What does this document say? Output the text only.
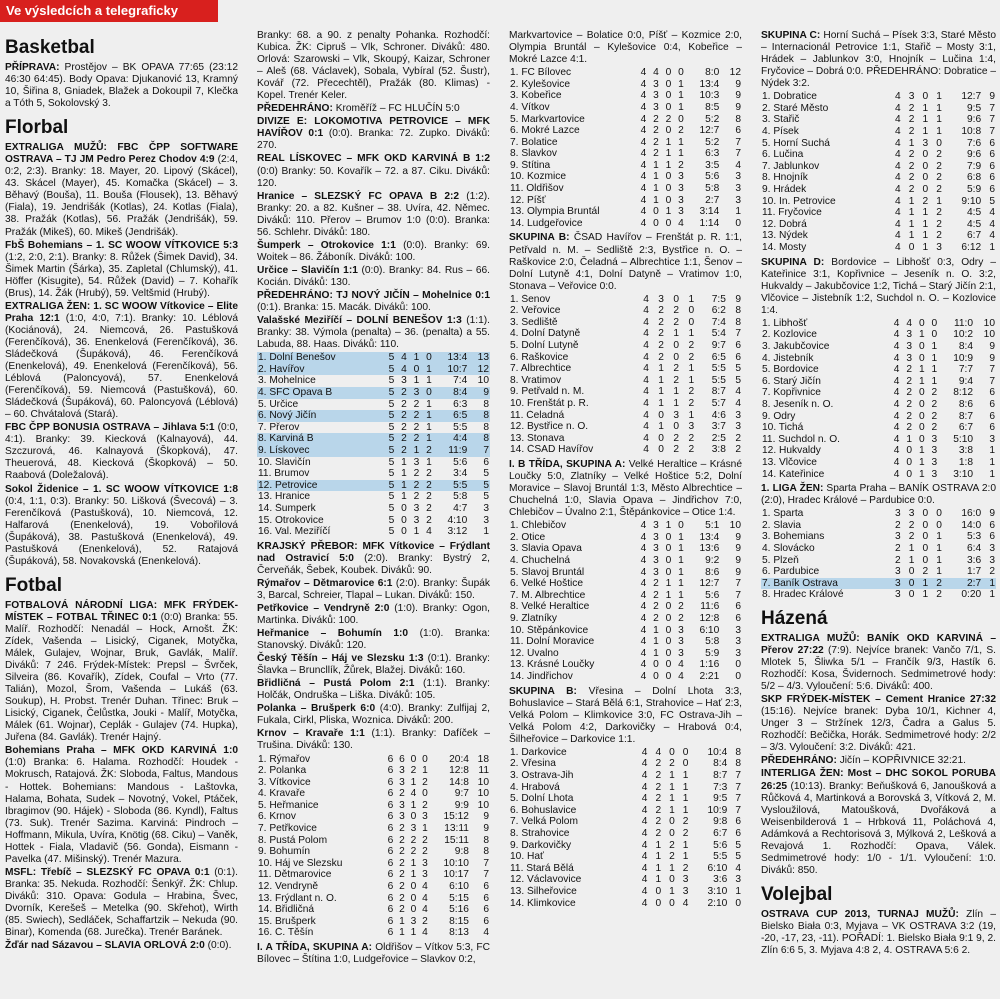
Ve výsledcích a telegraficky
Basketbal

PŘÍPRAVA: Prostějov – BK OPAVA 77:65 (23:12 46:30 64:45). Body Opava: Djukanović 13, Kramný 10, Šiřina 8, Gniadek, Blažek a Dokoupil 7, Klečka a Tóth 5, Sokolovský 3.

Florbal

EXTRALIGA MUŽŮ: FBC ČPP SOFTWARE OSTRAVA – TJ JM Pedro Perez Chodov 4:9 (2:4, 0:2, 2:3). Branky: 18. Mayer, 20. Lipový (Skácel), 43. Skácel (Mayer), 45. Komačka (Skácel) – 3. Běhavý (Bouša), 11. Bouša (Flousek), 13. Běhavý (Fiala), 19. Jendrišák (Kotlas), 24. Kotlas (Fiala), 38. Pražák (Kotlas), 56. Pražák (Jendrišák), 59. Pražák (Mikeš), 60. Mikeš (Jendrišák).

FbŠ Bohemians – 1. SC WOOW VÍTKOVICE 5:3 (1:2, 2:0, 2:1). Branky: 8. Růžek (Šimek David), 34. Šimek Martin (Šárka), 35. Zapletal (Chlumský), 41. Höffer (Kisugite), 54. Růžek (David) – 7. Kohařík (Brus), 14. Žák (Hrubý), 59. Veltšmid (Hrubý).

EXTRALIGA ŽEN: 1. SC WOOW Vítkovice – Elite Praha 12:1 (1:0, 4:0, 7:1). Branky: 10. Léblová (Kociánová), 24. Niemcová, 26. Pastušková (Ferenčíková), 36. Enenkelová (Ferenčíková), 36. Sládečková (Šupáková), 46. Ferenčíková (Enenkelová), 49. Enenkelová (Ferenčíková), 56. Léblová (Paloncyová), 57. Enenkelová (Ferenčíková), 59. Niemcová (Pastušková), 60. Sládečková (Šupáková), 60. Paloncyová (Léblová) – 60. Chvátalová (Stará).

FBC ČPP BONUSIA OSTRAVA – Jihlava 5:1 (0:0, 4:1). Branky: 39. Kiecková (Kalnayová), 44. Szczurová, 46. Kalnayová (Škopková), 47. Theuerová, 48. Kiecková (Škopková) – 50. Raabová (Doležalová).

Sokol Židenice – 1. SC WOOW VÍTKOVICE 1:8 (0:4, 1:1, 0:3). Branky: 50. Lišková (Švecová) – 3. Ferenčíková (Pastušková), 10. Niemcová, 12. Halfarová (Enenkelová), 19. Vobořilová (Šupáková), 38. Pastušková (Enenkelová), 49. Pastušková (Enenkelová), 52. Ratajová (Šupáková), 58. Novakovská (Enenkelová).

Fotbal

FOTBALOVÁ NÁRODNÍ LIGA: MFK FRÝDEK-MÍSTEK – FOTBAL TŘINEC 0:1 (0:0) Branka: 55. Malíř. Rozhodčí: Nenadál – Hock, Arnošt. ŽK: Zídek, Vašenda – Lisický, Ciganek, Motyčka, Málek, Gulajev, Wojnar, Bruk, Gavlák, Malíř. Diváků: 7 246. Frýdek-Místek: Prepsl – Švrček, Silveira (86. Kovařík), Zídek, Coufal – Vrto (77. Talián), Mozol, Šrom, Vašenda – Lukáš (63. Soukup), H. Probst. Trenér Duhan. Třinec: Bruk – Lisický, Ciganek, Čelůstka, Jouki - Malíř, Motyčka, Málek (61. Wojnar), Ceplák - Gulajev (74. Hupka), Juřena (84. Gavlák). Trenér Hajný.

Bohemians Praha – MFK OKD KARVINÁ 1:0 (1:0) Branka: 6. Halama. Rozhodčí: Houdek - Mokrusch, Ratajová. ŽK: Sloboda, Faltus, Mandous - Hottek. Bohemians: Mandous - Laštovka, Halama, Bohata, Sudek – Novotný, Vokel, Ptáček, Ibragimov (90. Hájek) - Sloboda (86. Kyndl), Faltus (73. Suk). Trenér Sazima. Karviná: Pindroch – Hoffmann, Mikula, Uvíra, Knötig (68. Ciku) – Vaněk, Hottek - Fiala, Vladavič (56. Gonda), Eismann - Pavelka (47. Mišinský). Trenér Mazura.

MSFL: Třebíč – SLEZSKÝ FC OPAVA 0:1 (0:1). Branka: 35. Nekuda. Rozhodčí: Šenkýř. ŽK: Chlup. Diváků: 310. Opava: Godula – Hrabina, Švec, Dvorník, Kerešeš – Metelka (90. Skřehot), Wirth (85. Swiech), Sedláček, Schaffartzik – Nekuda (90. Binar), Komenda (68. Jurečka). Trenér Baránek.

Žďár nad Sázavou – SLAVIA ORLOVÁ 2:0 (0:0).

Branky: 68. a 90. z penalty Pohanka. Rozhodčí: Kubica. ŽK: Cipruš – Vlk, Schroner. Diváků: 480. Orlová: Szarowski – Vlk, Skoupý, Kaizar, Schroner – Aleš (68. Václavek), Sobala, Vybíral (52. Šustr), Kovář (72. Přecechtěl), Pražák (80. Klimas) - Kopel. Trenér Keler.

PŘEDEHRÁNO: Kroměříž – FC HLUČÍN 5:0

DIVIZE E: LOKOMOTIVA PETROVICE – MFK HAVÍŘOV 0:1 (0:0). Branka: 72. Zupko. Diváků: 270.

REAL LÍSKOVEC – MFK OKD KARVINÁ B 1:2 (0:0) Branky: 50. Kovařík – 72. a 87. Ciku. Diváků: 120.

Hranice – SLEZSKÝ FC OPAVA B 2:2 (1:2). Branky: 20. a 82. Kušner – 38. Uvíra, 42. Němec. Diváků: 110. Přerov – Brumov 1:0 (0:0). Branka: 56. Schlehr. Diváků: 180.

Šumperk – Otrokovice 1:1 (0:0). Branky: 69. Woitek – 86. Žáboník. Diváků: 100.

Určice – Slavičín 1:1 (0:0). Branky: 84. Rus – 66. Kocián. Diváků: 130.

PŘEDEHRÁNO: TJ NOVÝ JIČÍN – Mohelnice 0:1 (0:1). Branka: 15. Macák. Diváků: 100.

Valašské Meziříčí – DOLNÍ BENEŠOV 1:3 (1:1). Branky: 38. Výmola (penalta) – 36. (penalta) a 55. Labuda, 88. Haas. Diváků: 110.

1. Dolní Benešov	5	4	1	0	13:4	13
2. Havířov	5	4	0	1	10:7	12
3. Mohelnice	5	3	1	1	7:4	10
4. SFC Opava B	5	2	3	0	8:4	9
5. Určice	5	2	2	1	6:3	8
6. Nový Jičín	5	2	2	1	6:5	8
7. Přerov	5	2	2	1	5:5	8
8. Karviná B	5	2	2	1	4:4	8
9. Lískovec	5	2	1	2	11:9	7
10. Slavičín	5	1	3	1	5:6	6
11. Brumov	5	1	2	2	3:4	5
12. Petrovice	5	1	2	2	5:5	5
13. Hranice	5	1	2	2	5:8	5
14. Šumperk	5	0	3	2	4:7	3
15. Otrokovice	5	0	3	2	4:10	3
16. Val. Meziříčí	5	0	1	4	3:12	1

KRAJSKÝ PŘEBOR: MFK Vítkovice – Frýdlant nad Ostravicí 5:0 (2:0). Branky: Bystrý 2, Červeňák, Šebek, Koubek. Diváků: 90.

Rýmařov – Dětmarovice 6:1 (2:0). Branky: Šupák 3, Barcal, Schreier, Tlapal – Lukan. Diváků: 150.

Petřkovice – Vendryně 2:0 (1:0). Branky: Ogon, Martinka. Diváků: 100.

Heřmanice – Bohumín 1:0 (1:0). Branka: Stanovský. Diváků: 120.

Český Těšín – Háj ve Slezsku 1:3 (0:1). Branky: Šlavka – Bruncllík, Žůrek, Blažej. Diváků: 160.

Břidličná – Pustá Polom 2:1 (1:1). Branky: Holčák, Ondruška – Liška. Diváků: 105.

Polanka – Brušperk 6:0 (4:0). Branky: Zulfijaj 2, Fukala, Cirkl, Pliska, Woznica. Diváků: 200.

Krnov – Kravaře 1:1 (1:1). Branky: Dafíček – Trušina. Diváků: 130.

1. Rýmařov	6	6	0	0	20:4	18
2. Polanka	6	3	2	1	12:8	11
3. Vítkovice	6	3	1	2	14:8	10
4. Kravaře	6	2	4	0	9:7	10
5. Heřmanice	6	3	1	2	9:9	10
6. Krnov	6	3	0	3	15:12	9
7. Petřkovice	6	2	3	1	13:11	9
8. Pustá Polom	6	2	2	2	15:11	8
9. Bohumín	6	2	2	2	9:8	8
10. Háj ve Slezsku	6	2	1	3	10:10	7
11. Dětmarovice	6	2	1	3	10:17	7
12. Vendryně	6	2	0	4	6:10	6
13. Frýdlant n. O.	6	2	0	4	5:15	6
14. Břidličná	6	2	0	4	5:16	6
15. Brušperk	6	1	3	2	8:15	6
16. Č. Těšín	6	1	1	4	8:13	4

I. A TŘÍDA, SKUPINA A: Oldřišov – Vítkov 5:3, FC Bílovec – Štítina 1:0, Ludgeřovice – Slavkov 0:2,

Markvartovice – Bolatice 0:0, Píšť – Kozmice 2:0, Olympia Bruntál – Kylešovice 0:4, Kobeřice – Mokré Lazce 4:1.

1. FC Bílovec	4	4	0	0	8:0	12
2. Kylešovice	4	3	0	1	13:4	9
3. Kobeřice	4	3	0	1	10:3	9
4. Vítkov	4	3	0	1	8:5	9
5. Markvartovice	4	2	2	0	5:2	8
6. Mokré Lazce	4	2	0	2	12:7	6
7. Bolatice	4	2	1	1	5:2	7
8. Slavkov	4	2	1	1	6:3	7
9. Štítina	4	1	1	2	3:5	4
10. Kozmice	4	1	0	3	5:6	3
11. Oldřišov	4	1	0	3	5:8	3
12. Píšť	4	1	0	3	2:7	3
13. Olympia Bruntál	4	0	1	3	3:14	1
14. Ludgeřovice	4	0	0	4	1:14	0

SKUPINA B: ČSAD Havířov – Frenštát p. R. 1:1, Petřvald n. M. – Sedliště 2:3, Bystřice n. O. – Raškovice 2:0, Čeladná – Albrechtice 1:1, Šenov – Dolní Lutyně 4:1, Dolní Datyně – Vratimov 1:0, Stonava – Veřovice 0:0.

1. Šenov	4	3	0	1	7:5	9
2. Veřovice	4	2	2	0	6:2	8
3. Sedliště	4	2	2	0	7:4	8
4. Dolní Datyně	4	2	1	1	5:4	7
5. Dolní Lutyně	4	2	0	2	9:7	6
6. Raškovice	4	2	0	2	6:5	6
7. Albrechtice	4	1	2	1	5:5	5
8. Vratimov	4	1	2	1	5:5	5
9. Petřvald n. M.	4	1	1	2	8:7	4
10. Frenštát p. R.	4	1	1	2	5:7	4
11. Čeladná	4	0	3	1	4:6	3
12. Bystřice n. O.	4	1	0	3	3:7	3
13. Stonava	4	0	2	2	2:5	2
14. ČSAD Havířov	4	0	2	2	3:8	2

I. B TŘÍDA, SKUPINA A: Velké Heraltice – Krásné Loučky 5:0, Zlatníky – Velké Hoštice 5:2, Dolní Moravice – Slavoj Bruntál 1:3, Město Albrechtice – Chuchelná 1:0, Slavia Opava – Jindřichov 7:0, Chlebičov – Úvalno 2:1, Štěpánkovice – Otice 1:4.

1. Chlebičov	4	3	1	0	5:1	10
2. Otice	4	3	0	1	13:4	9
3. Slavia Opava	4	3	0	1	13:6	9
4. Chuchelná	4	3	0	1	9:2	9
5. Slavoj Bruntál	4	3	0	1	8:6	9
6. Velké Hoštice	4	2	1	1	12:7	7
7. M. Albrechtice	4	2	1	1	5:6	7
8. Velké Heraltice	4	2	0	2	11:6	6
9. Zlatníky	4	2	0	2	12:8	6
10. Štěpánkovice	4	1	0	3	6:10	3
11. Dolní Moravice	4	1	0	3	5:8	3
12. Úvalno	4	1	0	3	5:9	3
13. Krásné Loučky	4	0	0	4	1:16	0
14. Jindřichov	4	0	0	4	2:21	0

SKUPINA B: Vřesina – Dolní Lhota 3:3, Bohuslavice – Stará Bělá 6:1, Strahovice – Hať 2:3, Velká Polom – Klimkovice 3:0, FC Ostrava-Jih – Velká Polom 4:2, Darkovičky – Hrabová 0:4, Šilheřovice – Darkovice 1:1.

1. Darkovice	4	4	0	0	10:4	8
2. Vřesina	4	2	2	0	8:4	8
3. Ostrava-Jih	4	2	1	1	8:7	7
4. Hrabová	4	2	1	1	7:3	7
5. Dolní Lhota	4	2	1	1	9:5	7
6. Bohuslavice	4	2	1	1	10:9	7
7. Velká Polom	4	2	0	2	9:8	6
8. Strahovice	4	2	0	2	6:7	6
9. Darkovičky	4	1	2	1	5:6	5
10. Hať	4	1	2	1	5:5	5
11. Stará Bělá	4	1	1	2	6:10	4
12. Václavovice	4	1	0	3	3:6	3
13. Šilheřovice	4	0	1	3	3:10	1
14. Klimkovice	4	0	0	4	2:10	0

SKUPINA C: Horní Suchá – Písek 3:3, Staré Město – Internacionál Petrovice 1:1, Stařič – Mosty 3:1, Hrádek – Jablunkov 3:0, Hnojník – Lučina 1:4, Fryčovice – Dobrá 0:0. PŘEDEHRÁNO: Dobratice – Nýdek 3:2.

1. Dobratice	4	3	0	1	12:7	9
2. Staré Město	4	2	1	1	9:5	7
3. Stařič	4	2	1	1	9:6	7
4. Písek	4	2	1	1	10:8	7
5. Horní Suchá	4	1	3	0	7:6	6
6. Lučina	4	2	0	2	9:6	6
7. Jablunkov	4	2	0	2	7:9	6
8. Hnojník	4	2	0	2	6:8	6
9. Hrádek	4	2	0	2	5:9	6
10. In. Petrovice	4	1	2	1	9:10	5
11. Fryčovice	4	1	1	2	4:5	4
12. Dobrá	4	1	1	2	4:5	4
13. Nýdek	4	1	1	2	6:7	4
14. Mosty	4	0	1	3	6:12	1

SKUPINA D: Bordovice – Libhošť 0:3, Odry – Kateřinice 3:1, Kopřivnice – Jeseník n. O. 3:2, Hukvaldy – Jakubčovice 1:2, Tichá – Starý Jičín 2:1, Vlčovice – Jistebník 1:2, Suchdol n. O. – Kozlovice 1:4.

1. Libhošť	4	4	0	0	11:0	10
2. Kozlovice	4	3	1	0	10:2	10
3. Jakubčovice	4	3	0	1	8:4	9
4. Jistebník	4	3	0	1	10:9	9
5. Bordovice	4	2	1	1	7:7	7
6. Starý Jičín	4	2	1	1	9:4	7
7. Kopřivnice	4	2	0	2	8:12	6
8. Jeseník n. O.	4	2	0	2	8:6	6
9. Odry	4	2	0	2	8:7	6
10. Tichá	4	2	0	2	6:7	6
11. Suchdol n. O.	4	1	0	3	5:10	3
12. Hukvaldy	4	0	1	3	3:8	1
13. Vlčovice	4	0	1	3	1:8	1
14. Kateřinice	4	0	1	3	3:10	1

1. LIGA ŽEN: Sparta Praha – BANÍK OSTRAVA 2:0 (2:0), Hradec Králové – Pardubice 0:0.

1. Sparta	3	3	0	0	16:0	9
2. Slavia	2	2	0	0	14:0	6
3. Bohemians	3	2	0	1	5:3	6
4. Slovácko	2	1	0	1	6:4	3
5. Plzeň	2	1	0	1	3:6	3
6. Pardubice	3	0	2	1	1:7	2
7. Baník Ostrava	3	0	1	2	2:7	1
8. Hradec Králové	3	0	1	2	0:20	1
Házená

EXTRALIGA MUŽŮ: BANÍK OKD KARVINÁ – Přerov 27:22 (7:9). Nejvíce branek: Vančo 7/1, S. Mlotek 5, Šliwka 5/1 – Frančík 9/3, Hastík 6. Rozhodčí: Kosa, Švidernoch. Sedmimetrové hody: 5/2 – 4/3. Vyloučení: 5:6. Diváků: 400.

SKP FRÝDEK-MÍSTEK – Cement Hranice 27:32 (15:16). Nejvíce branek: Dyba 10/1, Kichner 4, Unger 3 – Stržínek 12/3, Čadra a Galus 5. Rozhodčí: Bečička, Horák. Sedmimetrové hody: 2/2 – 3/3. Vyloučení: 3:2. Diváků: 421.

PŘEDEHRÁNO: Jičín – KOPŘIVNICE 32:21.

INTERLIGA ŽEN: Most – DHC SOKOL PORUBA 26:25 (10:13). Branky: Beňušková 6, Janoušková a Růčková 4, Martinková a Borovská 3, Vítková 2, M. Vysloužilová, Matoušková, Dvořáková a Weisenbilderová 1 – Hrbková 11, Poláchová 4, Adámková a Rechtorisová 3, Mýlková 2, Lešková a Revajová 1. Rozhodčí: Opava, Válek. Sedmimetrové hody: 1/0 - 1/1. Vyloučení: 1:0. Diváků: 850.

Volejbal

OSTRAVA CUP 2013, TURNAJ MUŽŮ: Zlín – Bielsko Biała 0:3, Myjava – VK OSTRAVA 3:2 (19, -20, -17, 23, -11). POŘADÍ: 1. Bielsko Biała 9:1 9, 2. Zlín 6:6 5, 3. Myjava 4:8 2, 4. OSTRAVA 5:6 2.
